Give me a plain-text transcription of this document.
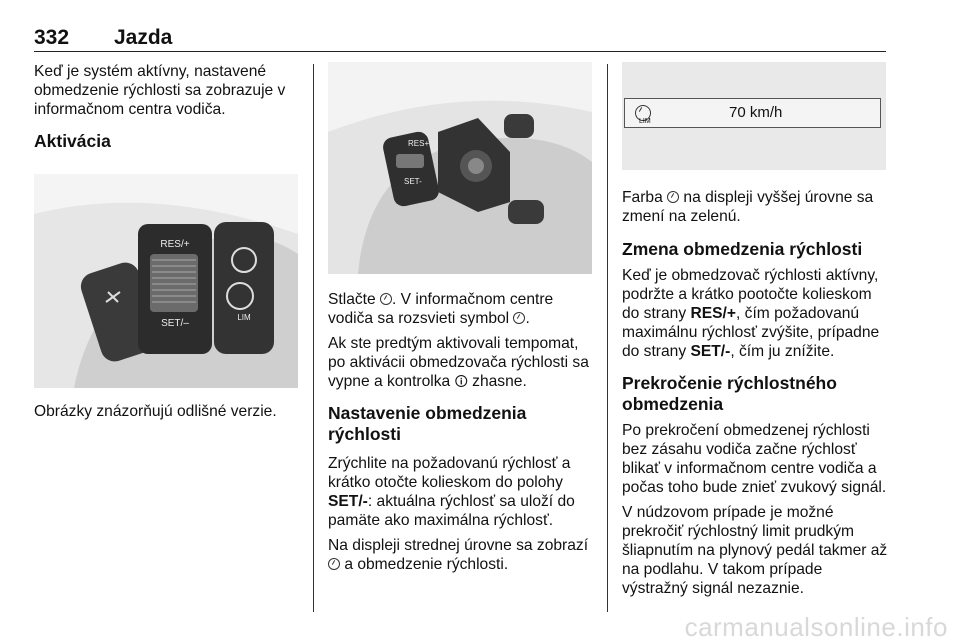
332 Jazda

Keď je systém aktívny, nastavené obmedzenie rýchlosti sa zobrazuje v informačnom centra vodiča.

Aktivácia
RES/+
SET/–
LIM

Obrázky znázorňujú odlišné verzie.

RES+
SET-

Stlačte . V informačnom centre vodiča sa rozsvieti symbol .

Ak ste predtým aktivovali tempomat, po aktivácii obmedzovača rýchlosti sa vypne a kontrolka 🛈 zhasne.

Nastavenie obmedzenia rýchlosti

Zrýchlite na požadovanú rýchlosť a krátko otočte kolieskom do polohy SET/-: aktuálna rýchlosť sa uloží do pamäte ako maximálna rýchlosť.

Na displeji strednej úrovne sa zobrazí  a obmedzenie rýchlosti.

LIM
70 km/h

Farba  na displeji vyššej úrovne sa zmení na zelenú.

Zmena obmedzenia rýchlosti

Keď je obmedzovač rýchlosti aktívny, podržte a krátko pootočte kolieskom do strany RES/+, čím požadovanú maximálnu rýchlosť zvýšite, prípadne do strany SET/-, čím ju znížite.

Prekročenie rýchlostného obmedzenia

Po prekročení obmedzenej rýchlosti bez zásahu vodiča začne rýchlosť blikať v informačnom centre vodiča a počas toho bude znieť zvukový signál.

V núdzovom prípade je možné prekročiť rýchlostný limit prudkým šliapnutím na plynový pedál takmer až na podlahu. V takom prípade výstražný signál nezaznie.

carmanualsonline.info
